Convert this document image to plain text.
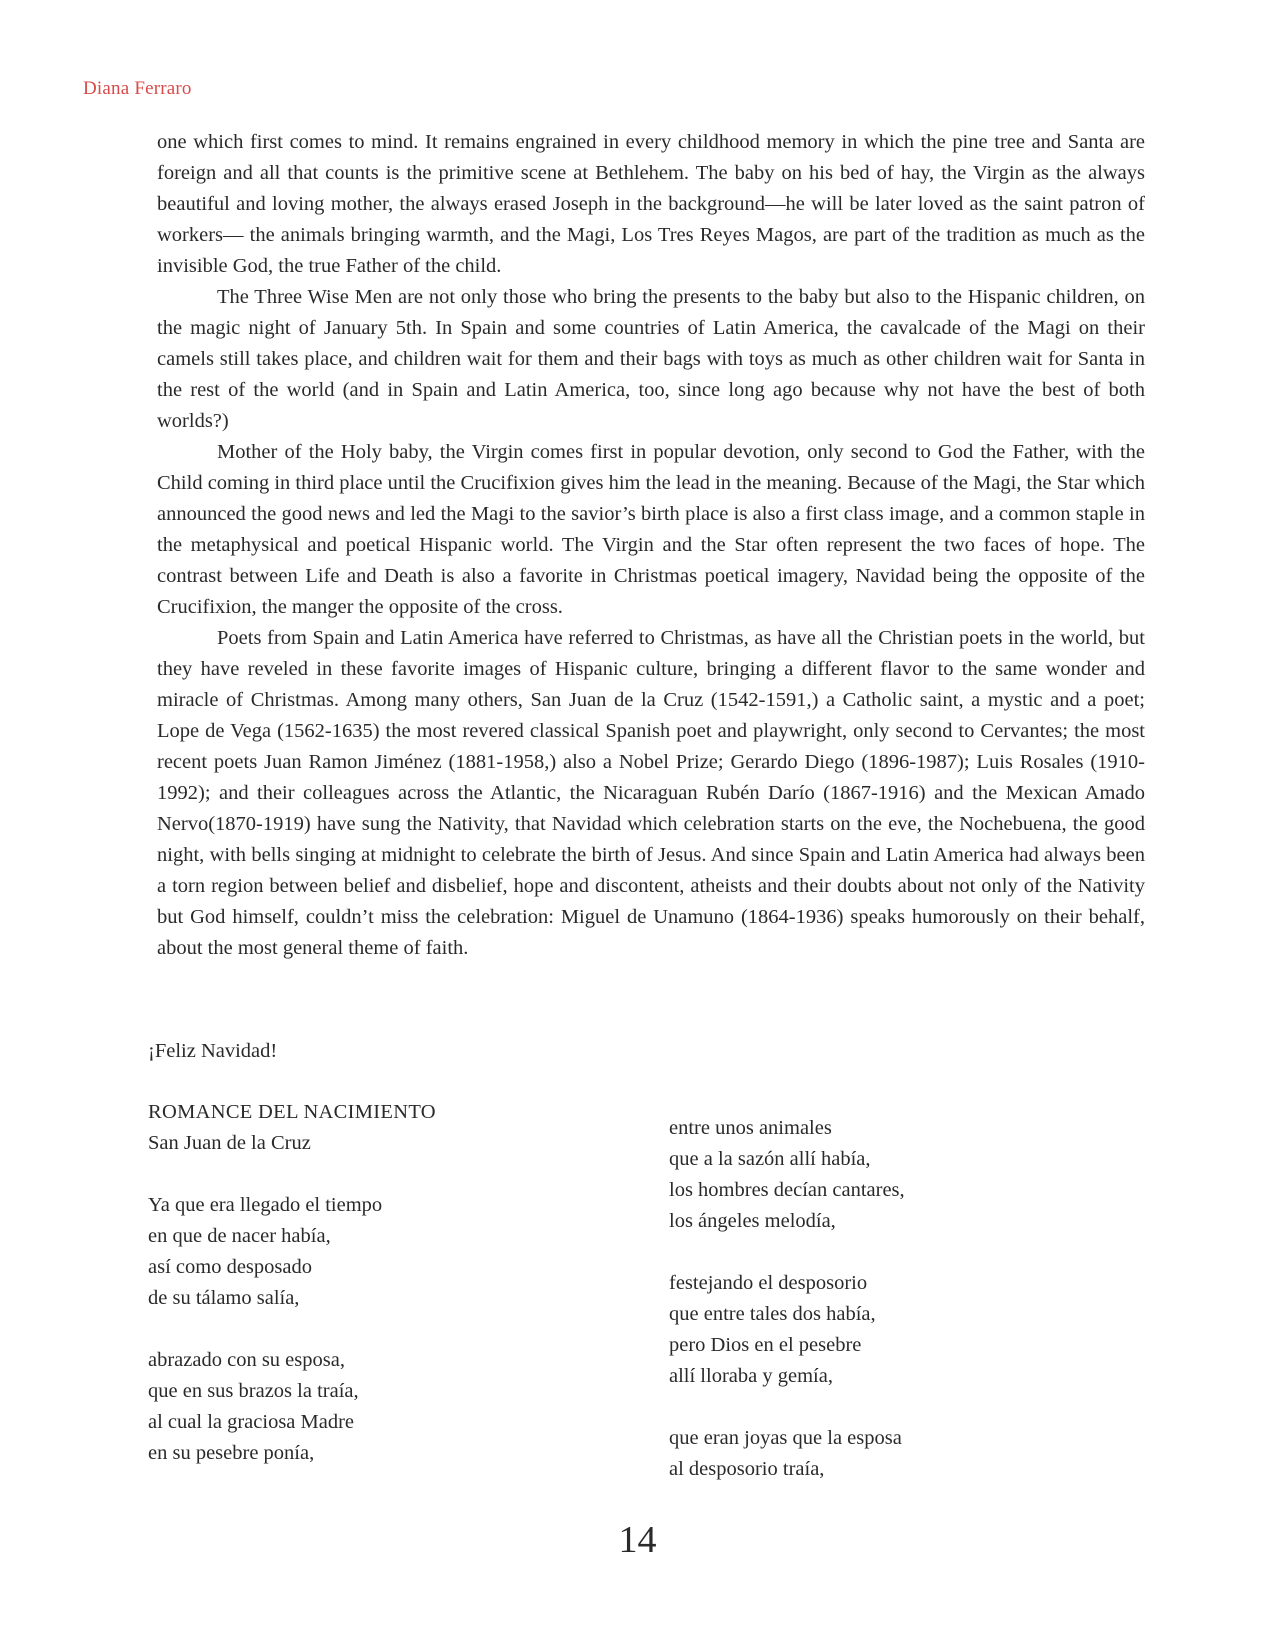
Diana Ferraro

one which first comes to mind. It remains engrained in every childhood memory in which the pine tree and Santa are foreign and all that counts is the primitive scene at Bethlehem. The baby on his bed of hay, the Virgin as the always beautiful and loving mother, the always erased Joseph in the background—he will be later loved as the saint patron of workers— the animals bringing warmth, and the Magi, Los Tres Reyes Magos, are part of the tradition as much as the invisible God, the true Father of the child.

The Three Wise Men are not only those who bring the presents to the baby but also to the Hispanic children, on the magic night of January 5th. In Spain and some countries of Latin America, the cavalcade of the Magi on their camels still takes place, and children wait for them and their bags with toys as much as other children wait for Santa in the rest of the world (and in Spain and Latin America, too, since long ago because why not have the best of both worlds?)

Mother of the Holy baby, the Virgin comes first in popular devotion, only second to God the Father, with the Child coming in third place until the Crucifixion gives him the lead in the meaning. Because of the Magi, the Star which announced the good news and led the Magi to the savior’s birth place is also a first class image, and a common staple in the metaphysical and poetical Hispanic world. The Virgin and the Star often represent the two faces of hope. The contrast between Life and Death is also a favorite in Christmas poetical imagery, Navidad being the opposite of the Crucifixion, the manger the opposite of the cross.

Poets from Spain and Latin America have referred to Christmas, as have all the Christian poets in the world, but they have reveled in these favorite images of Hispanic culture, bringing a different flavor to the same wonder and miracle of Christmas. Among many others, San Juan de la Cruz (1542-1591,) a Catholic saint, a mystic and a poet; Lope de Vega (1562-1635) the most revered classical Spanish poet and playwright, only second to Cervantes; the most recent poets Juan Ramon Jiménez (1881-1958,) also a Nobel Prize; Gerardo Diego (1896-1987); Luis Rosales (1910-1992); and their colleagues across the Atlantic, the Nicaraguan Rubén Darío (1867-1916) and the Mexican Amado Nervo(1870-1919) have sung the Nativity, that Navidad which celebration starts on the eve, the Nochebuena, the good night, with bells singing at midnight to celebrate the birth of Jesus. And since Spain and Latin America had always been a torn region between belief and disbelief, hope and discontent, atheists and their doubts about not only of the Nativity but God himself, couldn’t miss the celebration: Miguel de Unamuno (1864-1936) speaks humorously on their behalf, about the most general theme of faith.

¡Feliz Navidad!
ROMANCE DEL NACIMIENTO
San Juan de la Cruz
Ya que era llegado el tiempo
en que de nacer había,
así como desposado
de su tálamo salía,
abrazado con su esposa,
que en sus brazos la traía,
al cual la graciosa Madre
en su pesebre ponía,
entre unos animales
que a la sazón allí había,
los hombres decían cantares,
los ángeles melodía,
festejando el desposorio
que entre tales dos había,
pero Dios en el pesebre
allí lloraba y gemía,
que eran joyas que la esposa
al desposorio traía,
14
